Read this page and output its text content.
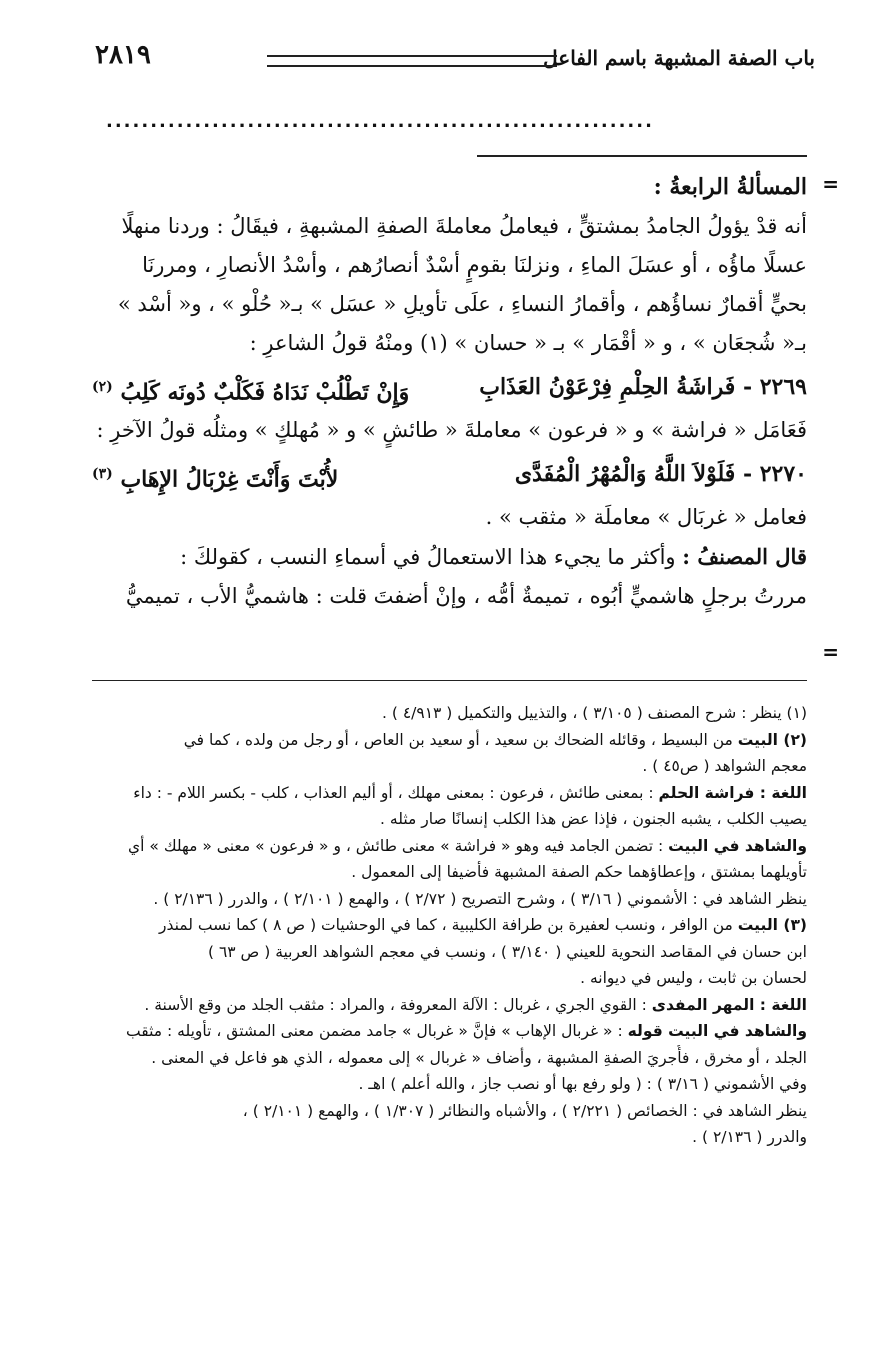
باب الصفة المشبهة باسم الفاعل
٢٨١٩
..............................................................
=
=
المسألةُ الرابعةُ :
أنه قدْ يؤولُ الجامدُ بمشتقٍّ ، فيعاملُ معاملةَ الصفةِ المشبهةِ ، فيقَالُ : وردنا منهلًا
عسلًا ماؤُه ، أو عسَلَ الماءِ ، ونزلنَا بقومٍ أسْدٌ أنصارُهم ، وأسْدُ الأنصارِ ، ومررنَا
بحيٍّ أقمارٌ نساؤُهم ، وأقمارُ النساءِ ، علَى تأويلِ « عسَل » بـ« حُلْو » ، و« أسْد »
بـ« شُجعَان » ، و « أقْمَار » بـ « حسان » (١) ومنْهُ قولُ الشاعرِ :
٢٢٦٩ - فَراشَةُ الحِلْمِ فِرْعَوْنُ العَذَابِ
وَإِنْ تَطْلُبْ نَدَاهُ فَكَلْبٌ دُونَه كَلِبُ $^{(٢)}$
فَعَامَل « فراشة » و « فرعون » معاملةَ « طائشٍ » و « مُهلكٍ » ومثلُه قولُ الآخرِ :
٢٢٧٠ - فَلَوْلاَ اللَّهُ وَالْمُهْرُ الْمُفَدَّى
لأُبْتَ وَأَنْتَ غِرْبَالُ الإِهَابِ $^{(٣)}$
فعامل « غربَال » معاملَة « مثقب » .
قال المصنفُ : وأكثر ما يجيء هذا الاستعمالُ في أسماءِ النسب ، كقولكَ :
مررتُ برجلٍ هاشميٍّ أبُوه ، تميمةٌ أمُّه ، وإنْ أضفتَ قلت : هاشميُّ الأب ، تميميُّ
(١) ينظر : شرح المصنف ( ٣/١٠٥ ) ، والتذييل والتكميل ( ٤/٩١٣ ) .
(٢) البيت من البسيط ، وقائله الضحاك بن سعيد ، أو سعيد بن العاص ، أو رجل من ولده ، كما في
معجم الشواهد ( ص٤٥ ) .
اللغة : فراشة الحلم : بمعنى طائش ، فرعون : بمعنى مهلك ، أو أليم العذاب ، كلب - بكسر اللام - : داء
يصيب الكلب ، يشبه الجنون ، فإذا عض هذا الكلب إنسانًا صار مثله .
والشاهد في البيت : تضمن الجامد فيه وهو « فراشة » معنى طائش ، و « فرعون » معنى « مهلك » أي
تأويلهما بمشتق ، وإعطاؤهما حكم الصفة المشبهة فأضيفا إلى المعمول .
ينظر الشاهد في : الأشموني ( ٣/١٦ ) ، وشرح التصريح ( ٢/٧٢ ) ، والهمع ( ٢/١٠١ ) ، والدرر ( ٢/١٣٦ ) .
(٣) البيت من الوافر ، ونسب لعفيرة بن طرافة الكليبية ، كما في الوحشيات ( ص ٨ ) كما نسب لمنذر
ابن حسان في المقاصد النحوية للعيني ( ٣/١٤٠ ) ، ونسب في معجم الشواهد العربية ( ص ٦٣ )
لحسان بن ثابت ، وليس في ديوانه .
اللغة : المهر المفدى : القوي الجري ، غربال : الآلة المعروفة ، والمراد : مثقب الجلد من وقع الأسنة .
والشاهد في البيت قوله : « غربال الإهاب » فإنَّ « غربال » جامد مضمن معنى المشتق ، تأويله : مثقب
الجلد ، أو مخرق ، فأُجريَ الصفةِ المشبهة ، وأضاف « غربال » إلى معموله ، الذي هو فاعل في المعنى .
وفي الأشموني ( ٣/١٦ ) : ( ولو رفع بها أو نصب جاز ، والله أعلم ) اهـ .
ينظر الشاهد في : الخصائص ( ٢/٢٢١ ) ، والأشباه والنظائر ( ١/٣٠٧ ) ، والهمع ( ٢/١٠١ ) ،
والدرر ( ٢/١٣٦ ) .
